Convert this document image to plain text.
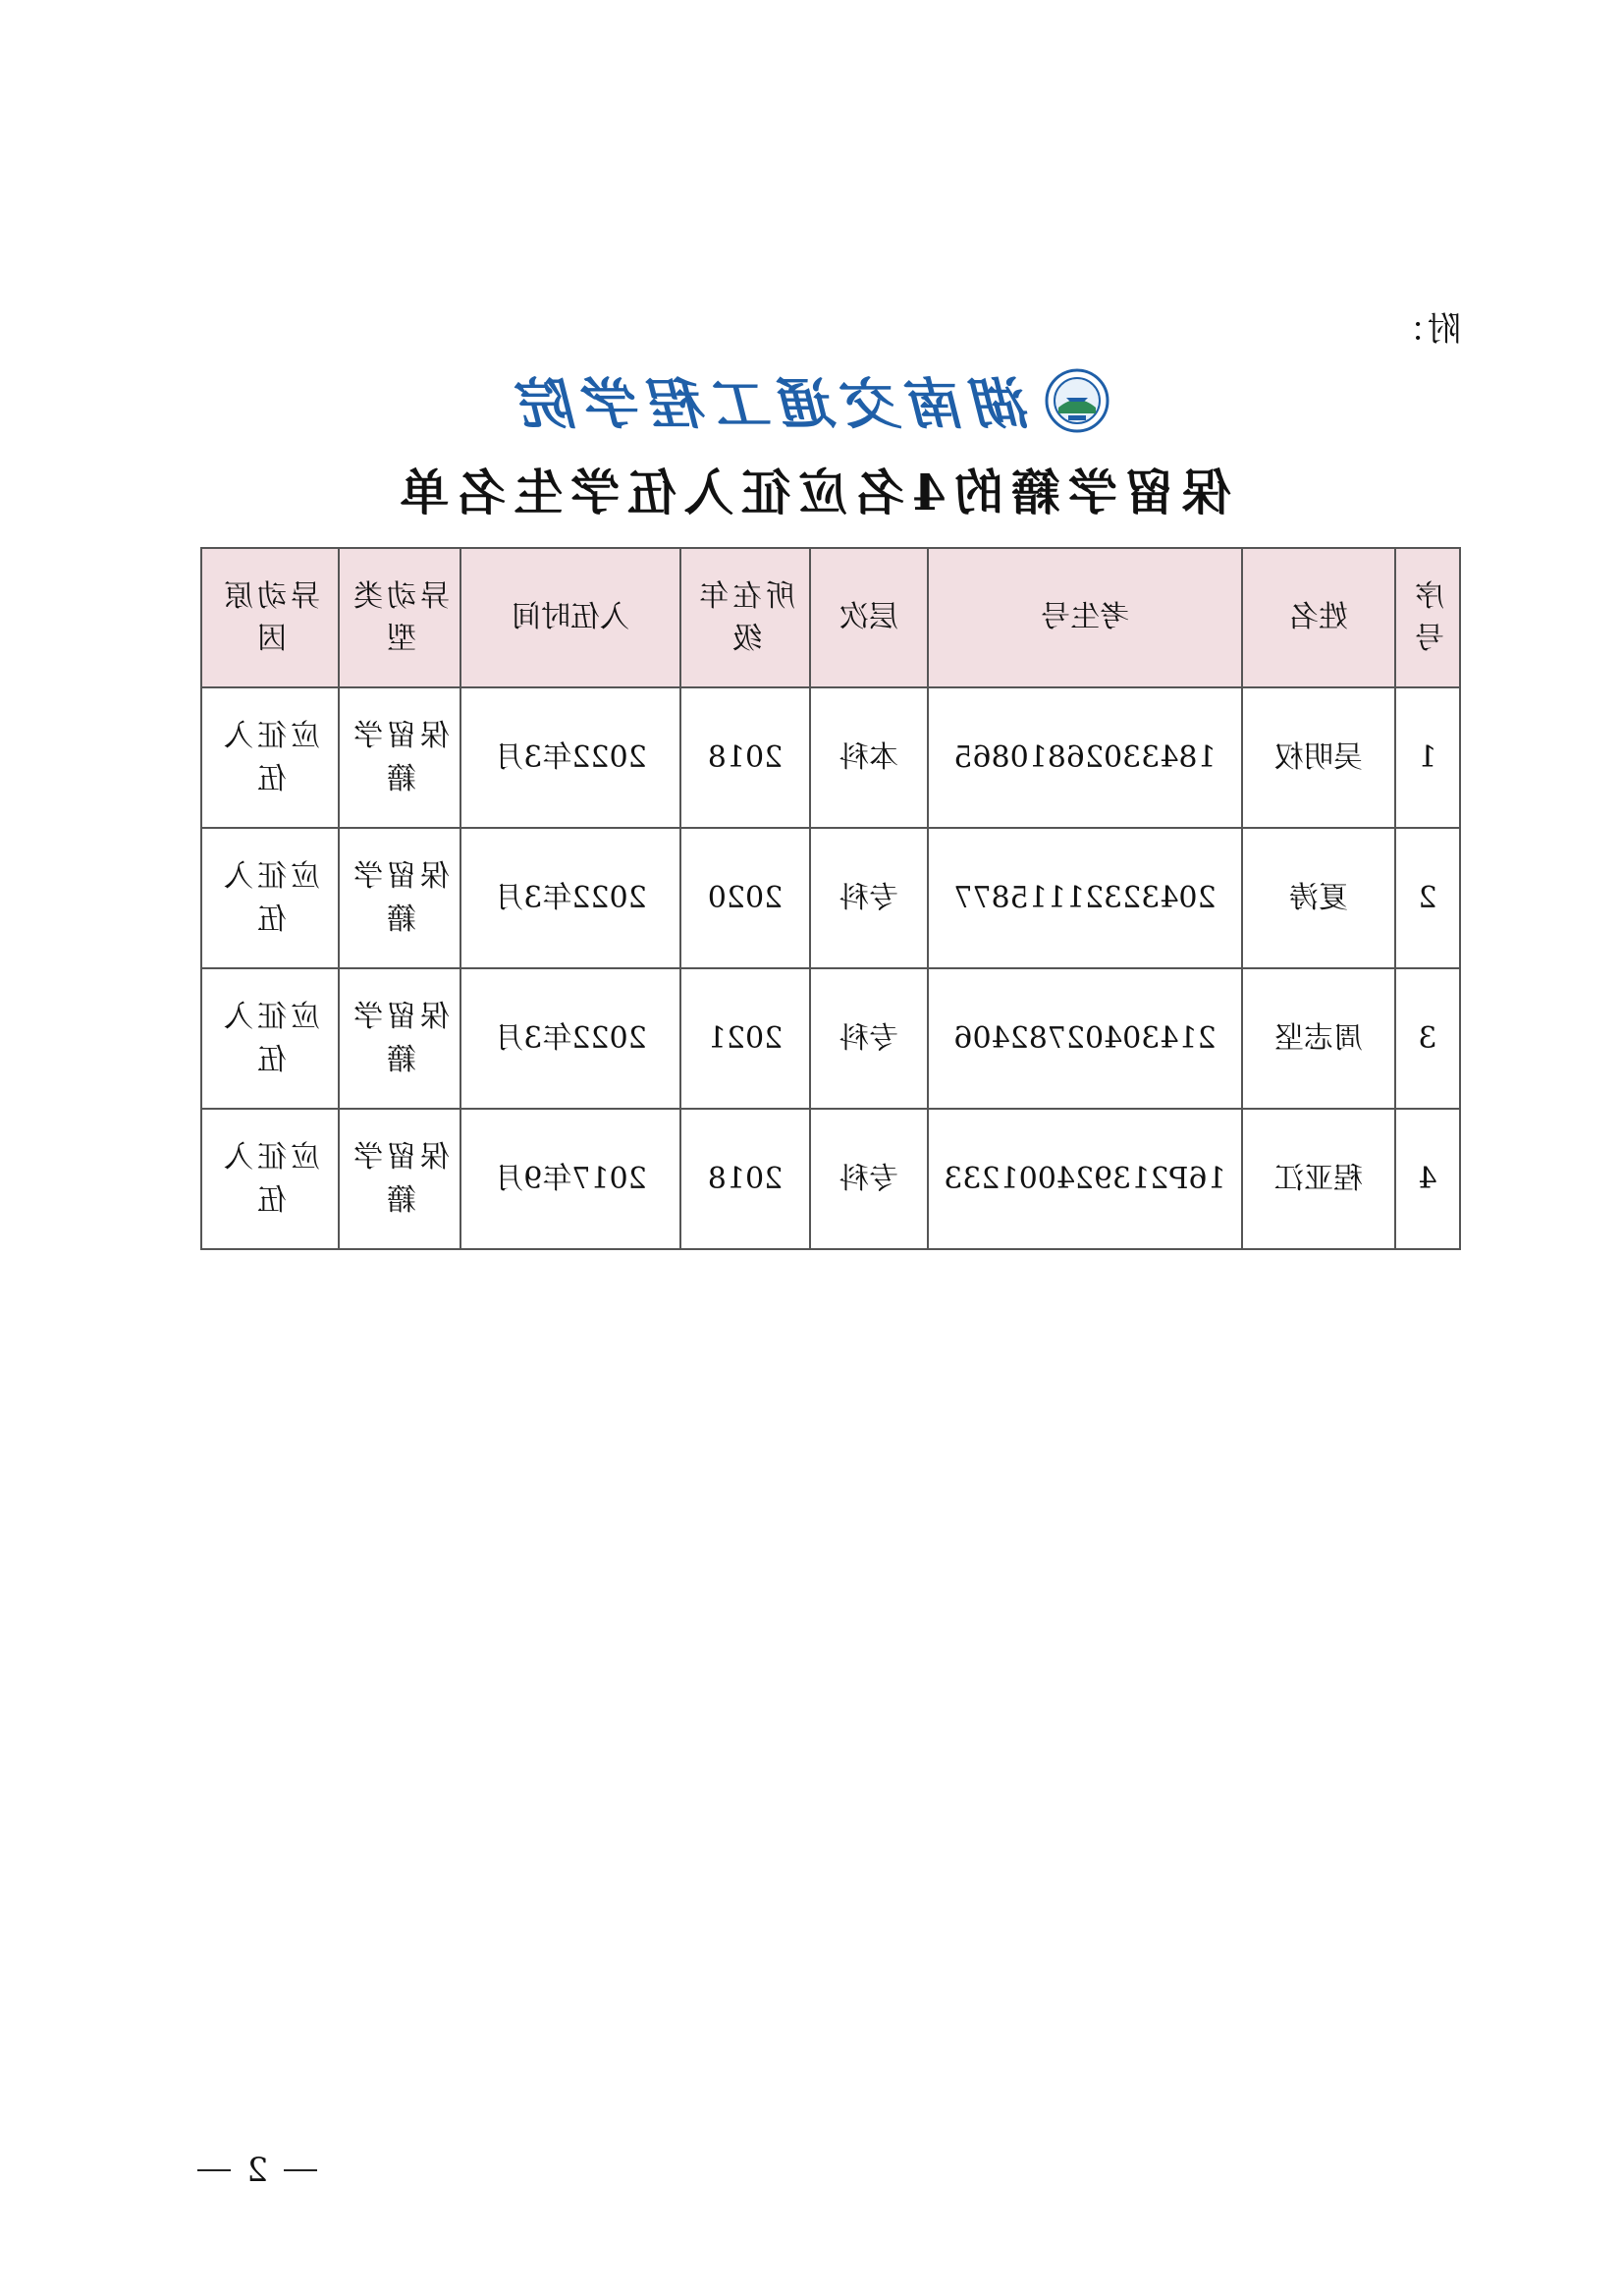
附：
湖南交通工程学院
保留学籍的4名应征入伍学生名单
序号	姓名	考生号	层次	所在年级	入伍时间	异动类型	异动原因
1	吴明权	18433026810865	本科	2018	2022年3月	保留学籍	应征入伍
2	夏涛	20432321115877	专科	2020	2022年3月	保留学籍	应征入伍
3	周志坚	21430402782406	专科	2021	2022年3月	保留学籍	应征入伍
4	程亚江	16P213924001233	专科	2018	2017年9月	保留学籍	应征入伍
2
